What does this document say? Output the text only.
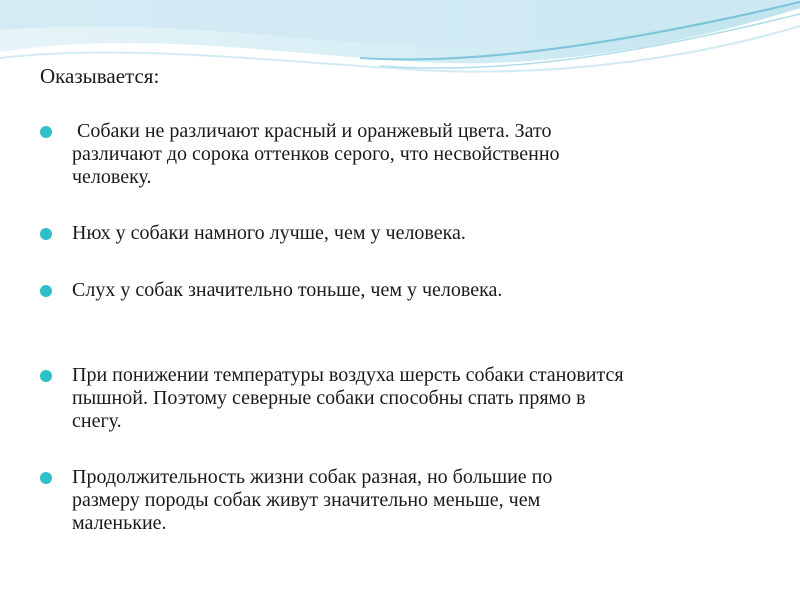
Оказывается:
Собаки не различают красный и оранжевый цвета. Зато
различают до сорока оттенков серого, что несвойственно
человеку.
Нюх у собаки намного лучше, чем у человека.
Слух у собак значительно тоньше, чем у человека.
При понижении температуры воздуха шерсть собаки становится
пышной. Поэтому северные собаки способны спать прямо в
снегу.
Продолжительность жизни собак разная, но большие по
размеру породы собак живут значительно меньше, чем
маленькие.
